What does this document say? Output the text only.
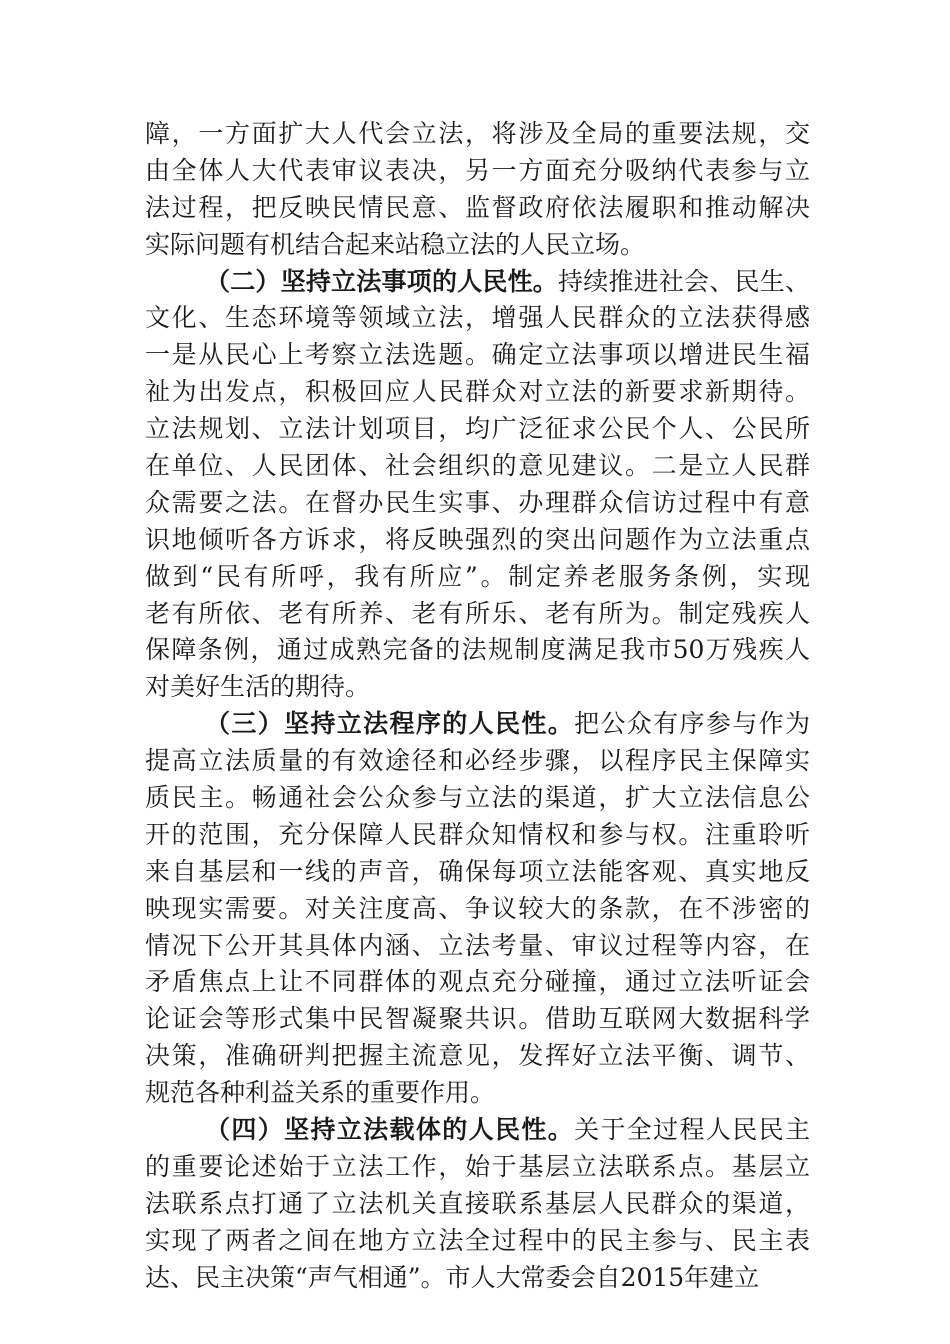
障，一方面扩大人代会立法，将涉及全局的重要法规，交
由全体人大代表审议表决，另一方面充分吸纳代表参与立
法过程，把反映民情民意、监督政府依法履职和推动解决
实际问题有机结合起来站稳立法的人民立场。
（二）坚持立法事项的人民性。持续推进社会、民生、
文化、生态环境等领域立法，增强人民群众的立法获得感
一是从民心上考察立法选题。确定立法事项以增进民生福
祉为出发点，积极回应人民群众对立法的新要求新期待。
立法规划、立法计划项目，均广泛征求公民个人、公民所
在单位、人民团体、社会组织的意见建议。二是立人民群
众需要之法。在督办民生实事、办理群众信访过程中有意
识地倾听各方诉求，将反映强烈的突出问题作为立法重点
做到“民有所呼，我有所应”。制定养老服务条例，实现
老有所依、老有所养、老有所乐、老有所为。制定残疾人
保障条例，通过成熟完备的法规制度满足我市50万残疾人
对美好生活的期待。
（三）坚持立法程序的人民性。把公众有序参与作为
提高立法质量的有效途径和必经步骤，以程序民主保障实
质民主。畅通社会公众参与立法的渠道，扩大立法信息公
开的范围，充分保障人民群众知情权和参与权。注重聆听
来自基层和一线的声音，确保每项立法能客观、真实地反
映现实需要。对关注度高、争议较大的条款，在不涉密的
情况下公开其具体内涵、立法考量、审议过程等内容，在
矛盾焦点上让不同群体的观点充分碰撞，通过立法听证会
论证会等形式集中民智凝聚共识。借助互联网大数据科学
决策，准确研判把握主流意见，发挥好立法平衡、调节、
规范各种利益关系的重要作用。
（四）坚持立法载体的人民性。关于全过程人民民主
的重要论述始于立法工作，始于基层立法联系点。基层立
法联系点打通了立法机关直接联系基层人民群众的渠道，
实现了两者之间在地方立法全过程中的民主参与、民主表
达、民主决策“声气相通”。市人大常委会自2015年建立
